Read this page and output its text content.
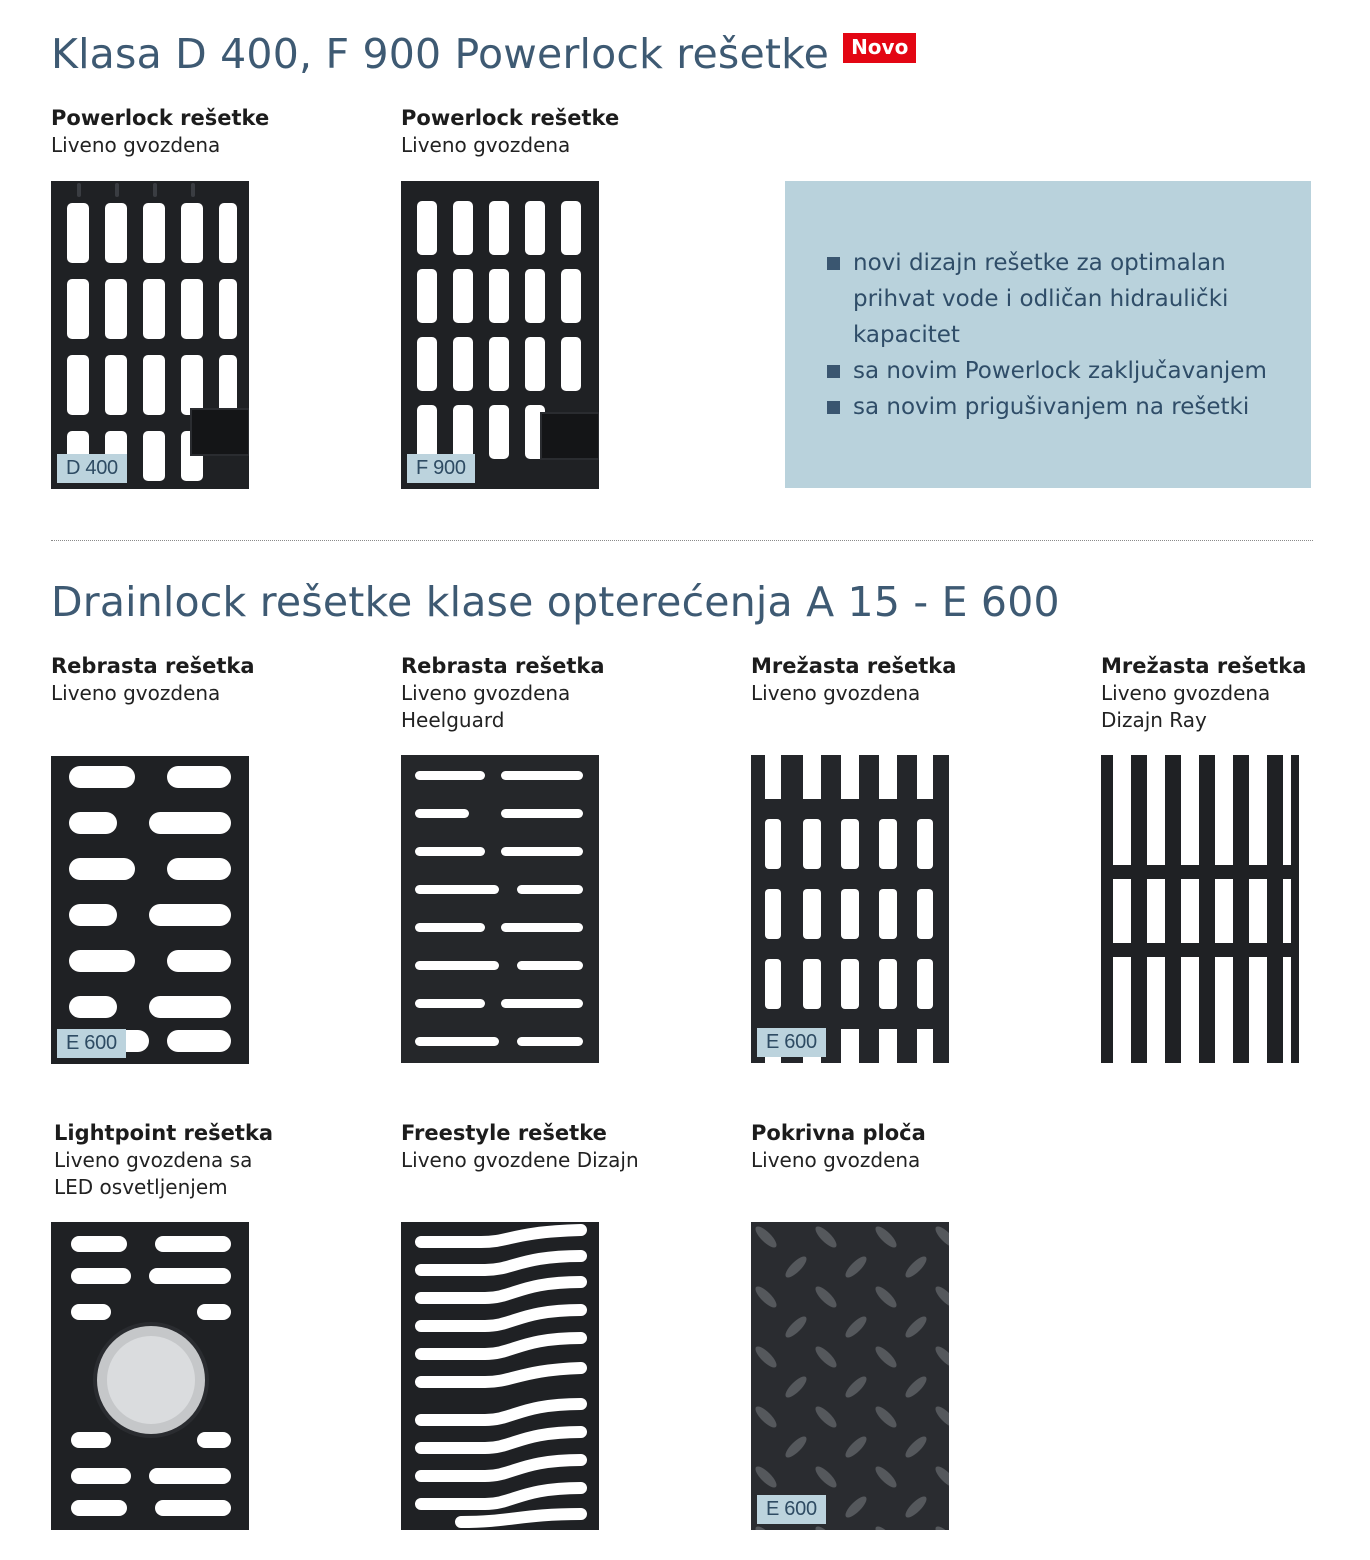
Klasa D 400, F 900 Powerlock rešetke Novo
Powerlock rešetke
Liveno gvozdena
D 400
Powerlock rešetke
Liveno gvozdena
F 900
novi dizajn rešetke za optimalan prihvat vode i odličan hidraulički kapacitet
sa novim Powerlock zaključavanjem
sa novim prigušivanjem na rešetki
Drainlock rešetke klase opterećenja A 15 - E 600
Rebrasta rešetka
Liveno gvozdena
E 600
Rebrasta rešetka
Liveno gvozdena
Heelguard
Mrežasta rešetka
Liveno gvozdena
E 600
Mrežasta rešetka
Liveno gvozdena
Dizajn Ray
Lightpoint rešetka
Liveno gvozdena sa
LED osvetljenjem
Freestyle rešetke
Liveno gvozdene Dizajn
Pokrivna ploča
Liveno gvozdena
E 600
